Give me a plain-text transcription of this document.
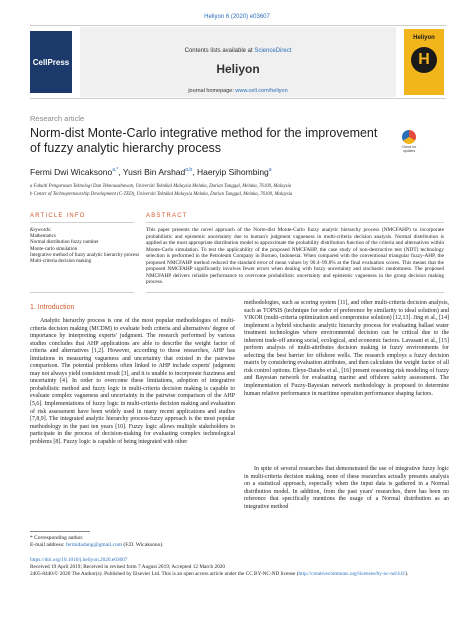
Heliyon 6 (2020) e03607
CellPress
Contents lists available at ScienceDirect
Heliyon
journal homepage: www.cell.com/heliyon
Heliyon
H
Research article
Norm-dist Monte-Carlo integrative method for the improvement of fuzzy analytic hierarchy process	Check for updates
Fermi Dwi Wicaksono$^{a,*}$, Yusri Bin Arshad$^{a,b}$, Haeryip Sihombing$^a$
a Fakulti Pengurusan Teknologi Dan Teknousahawan, Universiti Teknikal Malaysia Melaka, Durian Tunggal, Melaka, 76100, Malaysia
b Center of Technopreneurship Development (C-TED), Universiti Teknikal Malaysia Melaka, Durian Tunggal, Melaka, 76100, Malaysia
ARTICLE INFO	ABSTRACT
Keywords:
Mathematics
Normal distribution fuzzy number
Monte-carlo simulation
Integrative method of fuzzy analytic hierarchy process
Multi-criteria decision making
This paper presents the novel approach of the Norm-dist Monte-Carlo fuzzy analytic hierarchy process (NMCFAHP) to incorporate probabilistic and epistemic uncertainty due to human's judgment vagueness in multi-criteria decision analysis. Normal distribution is applied as the most appropriate distribution model to approximate the probability distribution function of the criteria and alternatives within Monte-Carlo simulation. To test the applicability of the proposed NMCFAHP, the case study of non-destructive test (NDT) technology selection is performed in the Petroleum Company in Borneo, Indonesia. When compared with the conventional triangular fuzzy-AHP, the proposed NMCFAHP method reduced the standard error of mean values by 90.4–99.8% at the final evaluation scores. This means that the proposed NMCFAHP significantly involves fewer errors when dealing with fuzzy uncertainty and stochastic randomness. The proposed NMCFAHP delivers reliable performance to overcome probabilistic uncertainty and epistemic vagueness in the group decision making process.
1. Introduction
Analytic hierarchy process is one of the most popular methodologies of multi-criteria decision making (MCDM) to evaluate both criteria and alternatives' degree of importance by interpreting experts' judgment. The research performed by various studies concludes that AHP applications are able to describe the weight factor of criteria and alternatives [1,2]. However, according to those researches, AHP has limitations in measuring vagueness and uncertainty that existed in the pairwise comparison. The potential problems often linked to AHP include experts' judgment may not always yield consistent result [3], and it is unable to incorporate fuzziness and uncertainty [4]. In order to overcome these limitations, adoption of integrative probabilistic method and fuzzy logic in multi-criteria decision making is capable to evaluate complex vagueness and uncertainty in the pairwise comparison of the AHP [5,6]. Implementations of fuzzy logic in multi-criteria decision making and evaluation of risk assessment have been widely used in many recent applications and studies [7,8,9]. The integrated analytic hierarchy process-fuzzy approach is the most popular methodology in the past ten years [10]. Fuzzy logic allows multiple stakeholders to participate in the process of decision-making for evaluating complex technological problems [8]. Fuzzy logic is capable of being integrated with other
methodologies, such as scoring system [11], and other multi-criteria decision analysis, such as TOPSIS (technique for order of preference by similarity to ideal solution) and VIKOR (multi-criteria optimization and compromise solution) [12,13]. Jing et al., [14] implement a hybrid stochastic analytic hierarchy process for evaluating ballast water treatment technologies where environmental decision can be critical due to the inherent trade-off among social, ecological, and economic factors. Lavasani et al., [15] perform analysis of multi-attributes decision making in fuzzy environments for selecting the best barrier for offshore wells. The research employs a fuzzy decision matrix by considering evaluation attributes, and then calculates the weight factor of all risk control options. Eleye-Datubo et al., [16] present reasoning risk modeling of fuzzy and Bayesian network for evaluating marine and offshore safety assessment. The implementation of Fuzzy-Bayesian network methodology is proposed to determine human relative performance in maritime operation performance shaping factors.
In spite of several researches that demonstrated the use of integrative fuzzy logic in multi-criteria decision making, none of these researches actually presents analysis on a statistical approach, especially when the input data is gathered in a Normal distribution model. In addition, from the past years' researches, there has been no reference that specifically mentions the usage of a Normal distribution as an integrative method
* Corresponding author.
E-mail address: fermidadang@gmail.com (F.D. Wicaksono).
https://doi.org/10.1016/j.heliyon.2020.e03607
Received 19 April 2019; Received in revised form 7 August 2019; Accepted 12 March 2020
2405-8440/© 2020 The Author(s). Published by Elsevier Ltd. This is an open access article under the CC BY-NC-ND license (http://creativecommons.org/licenses/by-nc-nd/4.0/).
